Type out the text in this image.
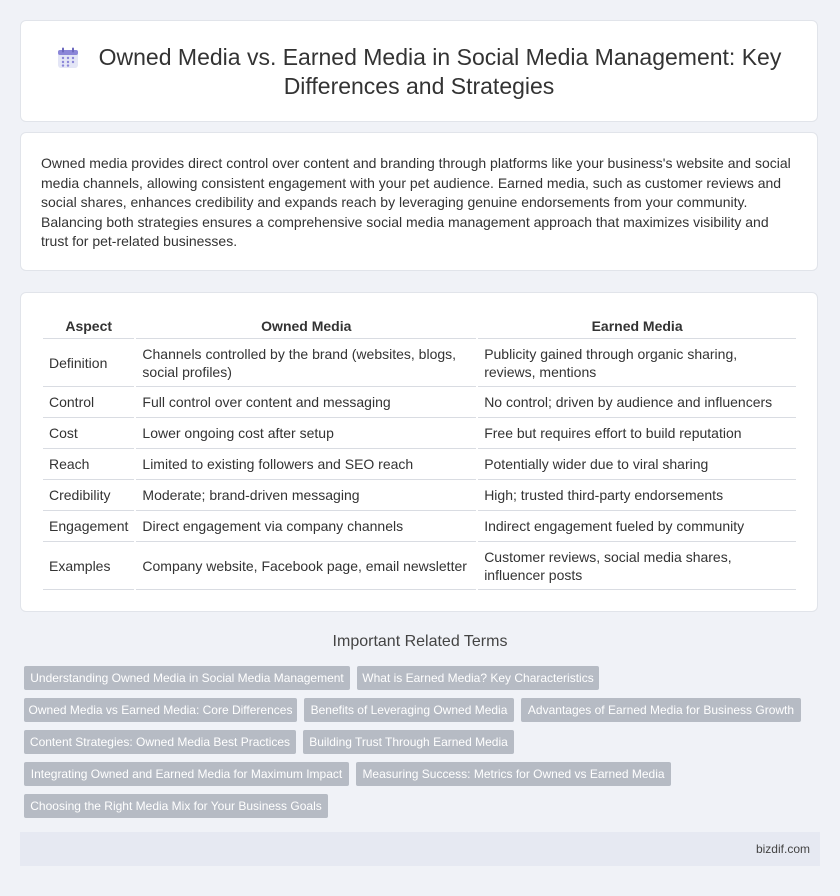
Owned Media vs. Earned Media in Social Media Management: Key Differences and Strategies

Owned media provides direct control over content and branding through platforms like your business's website and social media channels, allowing consistent engagement with your pet audience. Earned media, such as customer reviews and social shares, enhances credibility and expands reach by leveraging genuine endorsements from your community. Balancing both strategies ensures a comprehensive social media management approach that maximizes visibility and trust for pet-related businesses.

Aspect	Owned Media	Earned Media
Definition	Channels controlled by the brand (websites, blogs, social profiles)	Publicity gained through organic sharing, reviews, mentions
Control	Full control over content and messaging	No control; driven by audience and influencers
Cost	Lower ongoing cost after setup	Free but requires effort to build reputation
Reach	Limited to existing followers and SEO reach	Potentially wider due to viral sharing
Credibility	Moderate; brand-driven messaging	High; trusted third-party endorsements
Engagement	Direct engagement via company channels	Indirect engagement fueled by community
Examples	Company website, Facebook page, email newsletter	Customer reviews, social media shares, influencer posts
Important Related Terms
Understanding Owned Media in Social Media Management	What is Earned Media? Key Characteristics
Owned Media vs Earned Media: Core Differences	Benefits of Leveraging Owned Media	Advantages of Earned Media for Business Growth
Content Strategies: Owned Media Best Practices	Building Trust Through Earned Media
Integrating Owned and Earned Media for Maximum Impact	Measuring Success: Metrics for Owned vs Earned Media
Choosing the Right Media Mix for Your Business Goals
bizdif.com
